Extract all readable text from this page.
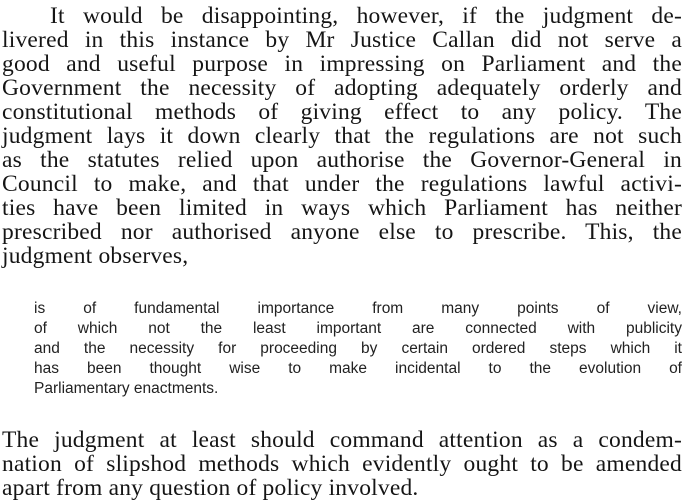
It would be disappointing, however, if the judgment de-
livered in this instance by Mr Justice Callan did not serve a
good and useful purpose in impressing on Parliament and the
Government the necessity of adopting adequately orderly and
constitutional methods of giving effect to any policy. The
judgment lays it down clearly that the regulations are not such
as the statutes relied upon authorise the Governor-General in
Council to make, and that under the regulations lawful activi-
ties have been limited in ways which Parliament has neither
prescribed nor authorised anyone else to prescribe. This, the
judgment observes,
is of fundamental importance from many points of view,
of which not the least important are connected with publicity
and the necessity for proceeding by certain ordered steps which it
has been thought wise to make incidental to the evolution of
Parliamentary enactments.
The judgment at least should command attention as a condem-
nation of slipshod methods which evidently ought to be amended
apart from any question of policy involved.
